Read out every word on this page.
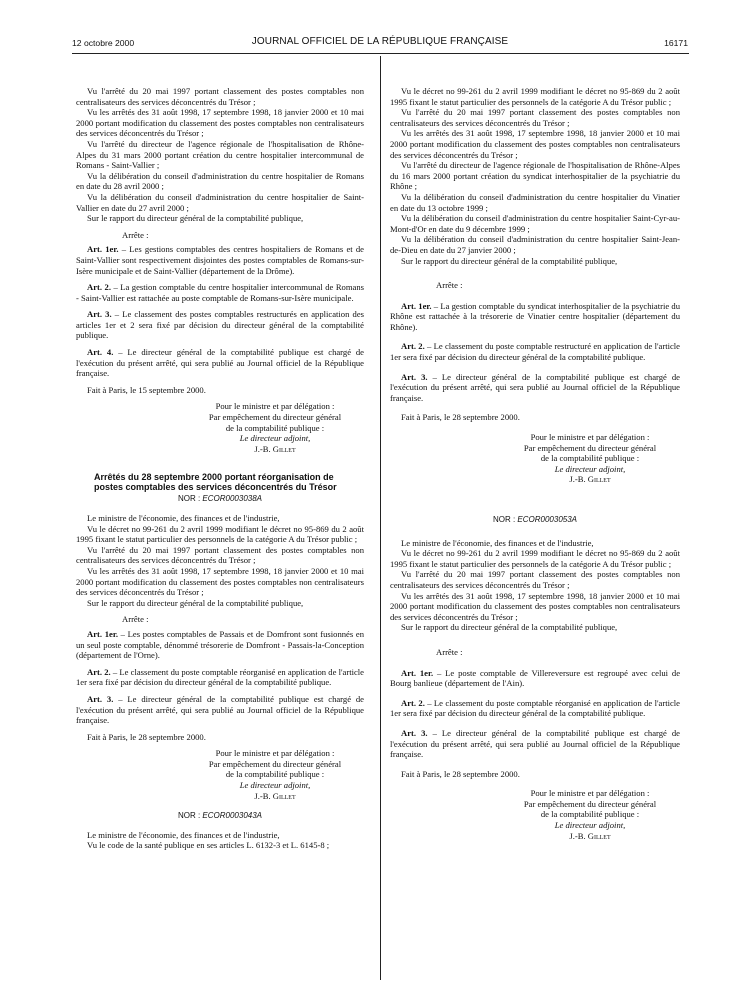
12 octobre 2000	JOURNAL OFFICIEL DE LA RÉPUBLIQUE FRANÇAISE	16171

Vu l'arrêté du 20 mai 1997 portant classement des postes comptables non centralisateurs des services déconcentrés du Trésor ;

Vu les arrêtés des 31 août 1998, 17 septembre 1998, 18 janvier 2000 et 10 mai 2000 portant modification du classement des postes comptables non centralisateurs des services déconcentrés du Trésor ;

Vu l'arrêté du directeur de l'agence régionale de l'hospitalisation de Rhône-Alpes du 31 mars 2000 portant création du centre hospitalier intercommunal de Romans - Saint-Vallier ;

Vu la délibération du conseil d'administration du centre hospitalier de Romans en date du 28 avril 2000 ;

Vu la délibération du conseil d'administration du centre hospitalier de Saint-Vallier en date du 27 avril 2000 ;

Sur le rapport du directeur général de la comptabilité publique,

Arrête :

Art. 1er. – Les gestions comptables des centres hospitaliers de Romans et de Saint-Vallier sont respectivement disjointes des postes comptables de Romans-sur-Isère municipale et de Saint-Vallier (département de la Drôme).

Art. 2. – La gestion comptable du centre hospitalier intercommunal de Romans - Saint-Vallier est rattachée au poste comptable de Romans-sur-Isère municipale.

Art. 3. – Le classement des postes comptables restructurés en application des articles 1er et 2 sera fixé par décision du directeur général de la comptabilité publique.

Art. 4. – Le directeur général de la comptabilité publique est chargé de l'exécution du présent arrêté, qui sera publié au Journal officiel de la République française.

Fait à Paris, le 15 septembre 2000.

Pour le ministre et par délégation :
Par empêchement du directeur général
de la comptabilité publique :
Le directeur adjoint,
J.-B. Gillet

Arrêtés du 28 septembre 2000 portant réorganisation de postes comptables des services déconcentrés du Trésor

NOR : ECOR0003038A

Le ministre de l'économie, des finances et de l'industrie,

Vu le décret no 99-261 du 2 avril 1999 modifiant le décret no 95-869 du 2 août 1995 fixant le statut particulier des personnels de la catégorie A du Trésor public ;

Vu l'arrêté du 20 mai 1997 portant classement des postes comptables non centralisateurs des services déconcentrés du Trésor ;

Vu les arrêtés des 31 août 1998, 17 septembre 1998, 18 janvier 2000 et 10 mai 2000 portant modification du classement des postes comptables non centralisateurs des services déconcentrés du Trésor ;

Sur le rapport du directeur général de la comptabilité publique,

Arrête :

Art. 1er. – Les postes comptables de Passais et de Domfront sont fusionnés en un seul poste comptable, dénommé trésorerie de Domfront - Passais-la-Conception (département de l'Orne).

Art. 2. – Le classement du poste comptable réorganisé en application de l'article 1er sera fixé par décision du directeur général de la comptabilité publique.

Art. 3. – Le directeur général de la comptabilité publique est chargé de l'exécution du présent arrêté, qui sera publié au Journal officiel de la République française.

Fait à Paris, le 28 septembre 2000.

Pour le ministre et par délégation :
Par empêchement du directeur général
de la comptabilité publique :
Le directeur adjoint,
J.-B. Gillet

NOR : ECOR0003043A

Le ministre de l'économie, des finances et de l'industrie,

Vu le code de la santé publique en ses articles L. 6132-3 et L. 6145-8 ;

Vu le décret no 99-261 du 2 avril 1999 modifiant le décret no 95-869 du 2 août 1995 fixant le statut particulier des personnels de la catégorie A du Trésor public ;

Vu l'arrêté du 20 mai 1997 portant classement des postes comptables non centralisateurs des services déconcentrés du Trésor ;

Vu les arrêtés des 31 août 1998, 17 septembre 1998, 18 janvier 2000 et 10 mai 2000 portant modification du classement des postes comptables non centralisateurs des services déconcentrés du Trésor ;

Vu l'arrêté du directeur de l'agence régionale de l'hospitalisation de Rhône-Alpes du 16 mars 2000 portant création du syndicat interhospitalier de la psychiatrie du Rhône ;

Vu la délibération du conseil d'administration du centre hospitalier du Vinatier en date du 13 octobre 1999 ;

Vu la délibération du conseil d'administration du centre hospitalier Saint-Cyr-au-Mont-d'Or en date du 9 décembre 1999 ;

Vu la délibération du conseil d'administration du centre hospitalier Saint-Jean-de-Dieu en date du 27 janvier 2000 ;

Sur le rapport du directeur général de la comptabilité publique,

Arrête :

Art. 1er. – La gestion comptable du syndicat interhospitalier de la psychiatrie du Rhône est rattachée à la trésorerie de Vinatier centre hospitalier (département du Rhône).

Art. 2. – Le classement du poste comptable restructuré en application de l'article 1er sera fixé par décision du directeur général de la comptabilité publique.

Art. 3. – Le directeur général de la comptabilité publique est chargé de l'exécution du présent arrêté, qui sera publié au Journal officiel de la République française.

Fait à Paris, le 28 septembre 2000.

Pour le ministre et par délégation :
Par empêchement du directeur général
de la comptabilité publique :
Le directeur adjoint,
J.-B. Gillet

NOR : ECOR0003053A

Le ministre de l'économie, des finances et de l'industrie,

Vu le décret no 99-261 du 2 avril 1999 modifiant le décret no 95-869 du 2 août 1995 fixant le statut particulier des personnels de la catégorie A du Trésor public ;

Vu l'arrêté du 20 mai 1997 portant classement des postes comptables non centralisateurs des services déconcentrés du Trésor ;

Vu les arrêtés des 31 août 1998, 17 septembre 1998, 18 janvier 2000 et 10 mai 2000 portant modification du classement des postes comptables non centralisateurs des services déconcentrés du Trésor ;

Sur le rapport du directeur général de la comptabilité publique,

Arrête :

Art. 1er. – Le poste comptable de Villereversure est regroupé avec celui de Bourg banlieue (département de l'Ain).

Art. 2. – Le classement du poste comptable réorganisé en application de l'article 1er sera fixé par décision du directeur général de la comptabilité publique.

Art. 3. – Le directeur général de la comptabilité publique est chargé de l'exécution du présent arrêté, qui sera publié au Journal officiel de la République française.

Fait à Paris, le 28 septembre 2000.

Pour le ministre et par délégation :
Par empêchement du directeur général
de la comptabilité publique :
Le directeur adjoint,
J.-B. Gillet
